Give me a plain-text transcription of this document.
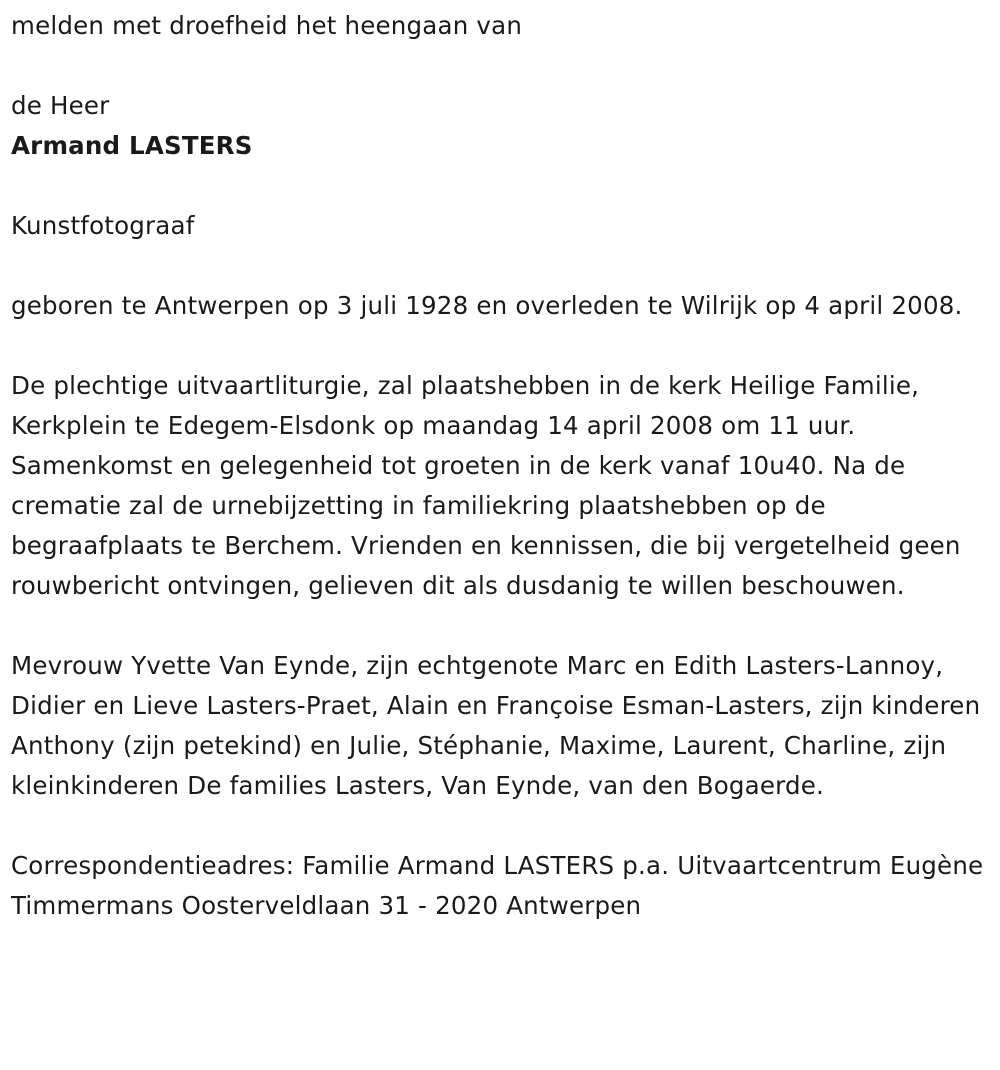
melden met droefheid het heengaan van

de Heer

Armand LASTERS

Kunstfotograaf

geboren te Antwerpen op 3 juli 1928 en overleden te Wilrijk op 4 april 2008.

De plechtige uitvaartliturgie, zal plaatshebben in de kerk Heilige Familie, Kerkplein te Edegem-Elsdonk op maandag 14 april 2008 om 11 uur. Samenkomst en gelegenheid tot groeten in de kerk vanaf 10u40. Na de crematie zal de urnebijzetting in familiekring plaatshebben op de begraafplaats te Berchem. Vrienden en kennissen, die bij vergetelheid geen rouwbericht ontvingen, gelieven dit als dusdanig te willen beschouwen.

Mevrouw Yvette Van Eynde, zijn echtgenote Marc en Edith Lasters-Lannoy, Didier en Lieve Lasters-Praet, Alain en Françoise Esman-Lasters, zijn kinderen Anthony (zijn petekind) en Julie, Stéphanie, Maxime, Laurent, Charline, zijn kleinkinderen De families Lasters, Van Eynde, van den Bogaerde.

Correspondentieadres: Familie Armand LASTERS p.a. Uitvaartcentrum Eugène Timmermans Oosterveldlaan 31 - 2020 Antwerpen
